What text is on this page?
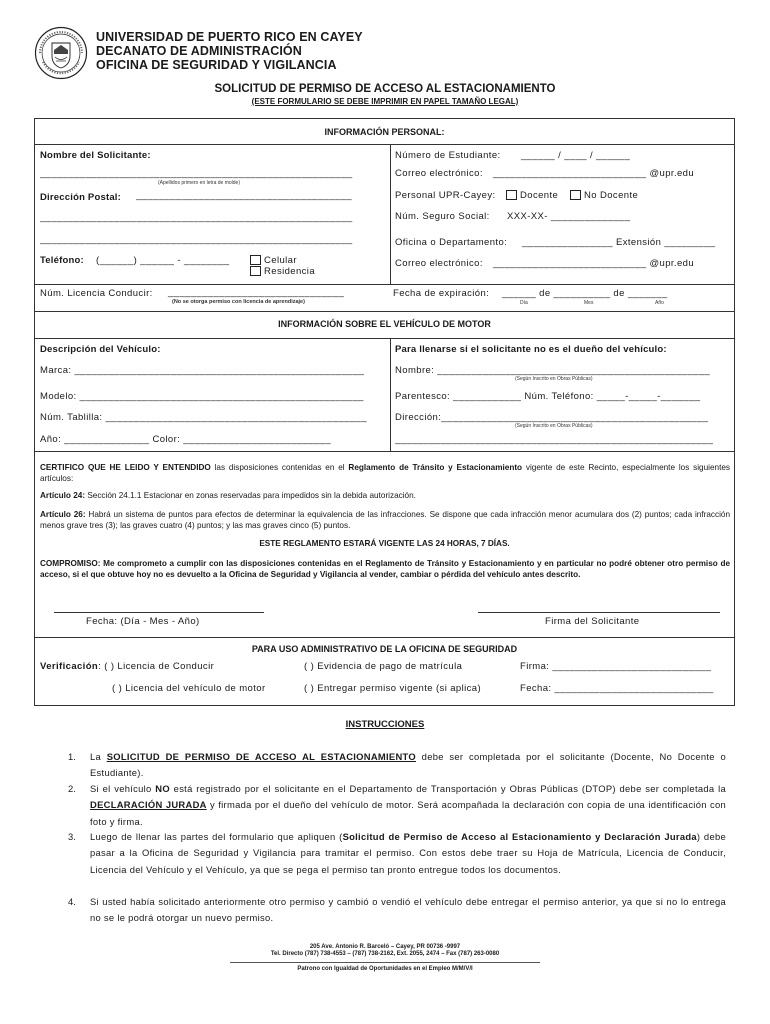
UNIVERSIDAD DE PUERTO RICO EN CAYEY
DECANATO DE ADMINISTRACIÓN
OFICINA DE SEGURIDAD Y VIGILANCIA
SOLICITUD DE PERMISO DE ACCESO AL ESTACIONAMIENTO
(ESTE FORMULARIO SE DEBE IMPRIMIR EN PAPEL TAMAÑO LEGAL)
INFORMACIÓN PERSONAL:
Nombre del Solicitante:
_______________________________________________________
(Apellidos primero en letra de molde)
Dirección Postal: ______________________________________
_______________________________________________________
_______________________________________________________
Teléfono: (______) ______ - ________	Celular
Residencia
Núm. Licencia Conducir: _______________________________
(No se otorga permiso con licencia de aprendizaje)
Número de Estudiante: ______ / ____ / ______
Correo electrónico: ___________________________ @upr.edu
Personal UPR-Cayey:	Docente	No Docente
Núm. Seguro Social: XXX-XX- ______________
Oficina o Departamento: ________________ Extensión _________
Correo electrónico: ___________________________ @upr.edu
Fecha de expiración: ______ de __________ de _______
Día	Mes	Año
INFORMACIÓN SOBRE EL VEHÍCULO DE MOTOR
Descripción del Vehículo:
Marca: ___________________________________________________
Modelo: __________________________________________________
Núm. Tablilla: ______________________________________________
Año: _______________ Color: __________________________
Para llenarse si el solicitante no es el dueño del vehículo:
Nombre: ________________________________________________
(Según Inscrito en Obras Públicas)
Parentesco: ____________ Núm. Teléfono: _____-_____-_______
Dirección:_______________________________________________
(Según Inscrito en Obras Públicas)
________________________________________________________
CERTIFICO QUE HE LEIDO Y ENTENDIDO las disposiciones contenidas en el Reglamento de Tránsito y Estacionamiento vigente de este Recinto, especialmente los siguientes artículos:
Artículo 24: Sección 24.1.1 Estacionar en zonas reservadas para impedidos sin la debida autorización.
Artículo 26: Habrá un sistema de puntos para efectos de determinar la equivalencia de las infracciones. Se dispone que cada infracción menor acumulara dos (2) puntos; cada infracción menos grave tres (3); las graves cuatro (4) puntos; y las mas graves cinco (5) puntos.
ESTE REGLAMENTO ESTARÁ VIGENTE LAS 24 HORAS, 7 DÍAS.
COMPROMISO: Me comprometo a cumplir con las disposiciones contenidas en el Reglamento de Tránsito y Estacionamiento y en particular no podré obtener otro permiso de acceso, si el que obtuve hoy no es devuelto a la Oficina de Seguridad y Vigilancia al vender, cambiar o pérdida del vehículo antes descrito.
Fecha: (Día - Mes - Año)	Firma del Solicitante
PARA USO ADMINISTRATIVO DE LA OFICINA DE SEGURIDAD
Verificación: ( ) Licencia de Conducir	( ) Evidencia de pago de matrícula	Firma: ____________________________
( ) Licencia del vehículo de motor	( ) Entregar permiso vigente (si aplica)	Fecha: ____________________________
INSTRUCCIONES
1. La SOLICITUD DE PERMISO DE ACCESO AL ESTACIONAMIENTO debe ser completada por el solicitante (Docente, No Docente o Estudiante).
2. Si el vehículo NO está registrado por el solicitante en el Departamento de Transportación y Obras Públicas (DTOP) debe ser completada la DECLARACIÓN JURADA y firmada por el dueño del vehículo de motor. Será acompañada la declaración con copia de una identificación con foto y firma.
3. Luego de llenar las partes del formulario que apliquen (Solicitud de Permiso de Acceso al Estacionamiento y Declaración Jurada) debe pasar a la Oficina de Seguridad y Vigilancia para tramitar el permiso. Con estos debe traer su Hoja de Matrícula, Licencia de Conducir, Licencia del Vehículo y el Vehículo, ya que se pega el permiso tan pronto entregue todos los documentos.
4. Si usted había solicitado anteriormente otro permiso y cambió o vendió el vehículo debe entregar el permiso anterior, ya que si no lo entrega no se le podrá otorgar un nuevo permiso.
205 Ave. Antonio R. Barceló – Cayey, PR 00736 -9997
Tel. Directo (787) 738-4553 – (787) 738-2162, Ext. 2055, 2474 – Fax (787) 263-0080
Patrono con Igualdad de Oportunidades en el Empleo M/M/V/I
